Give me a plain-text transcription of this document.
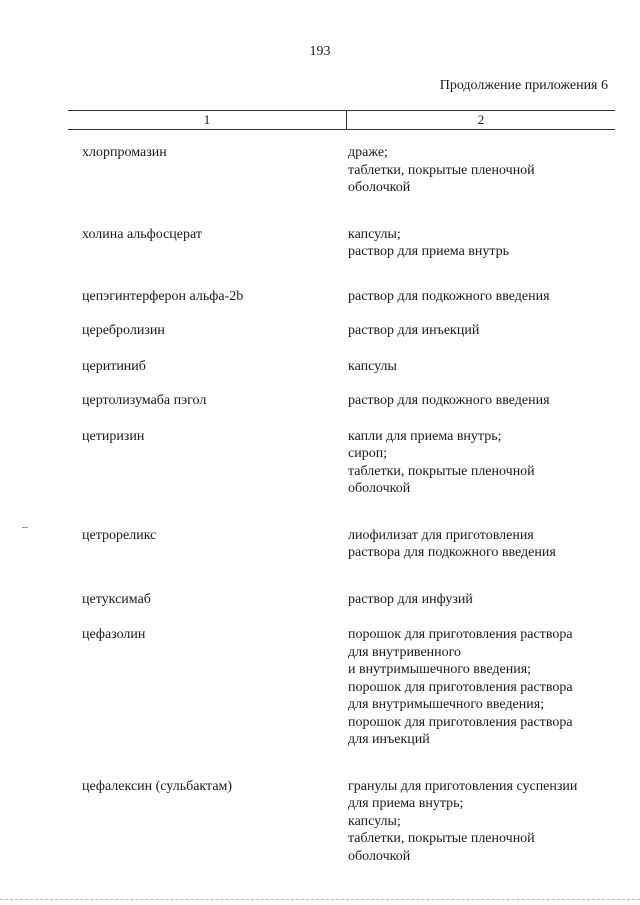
193
Продолжение приложения 6
1	2
хлорпромазин	драже;
таблетки, покрытые пленочной
оболочкой
холина альфосцерат	капсулы;
раствор для приема внутрь
цепэгинтерферон альфа-2b	раствор для подкожного введения
церебролизин	раствор для инъекций
церитиниб	капсулы
цертолизумаба пэгол	раствор для подкожного введения
цетиризин	капли для приема внутрь;
сироп;
таблетки, покрытые пленочной
оболочкой
цетрореликс	лиофилизат для приготовления
раствора для подкожного введения
цетуксимаб	раствор для инфузий
цефазолин	порошок для приготовления раствора
для внутривенного
и внутримышечного введения;
порошок для приготовления раствора
для внутримышечного введения;
порошок для приготовления раствора
для инъекций
цефалексин (сульбактам)	гранулы для приготовления суспензии
для приема внутрь;
капсулы;
таблетки, покрытые пленочной
оболочкой
